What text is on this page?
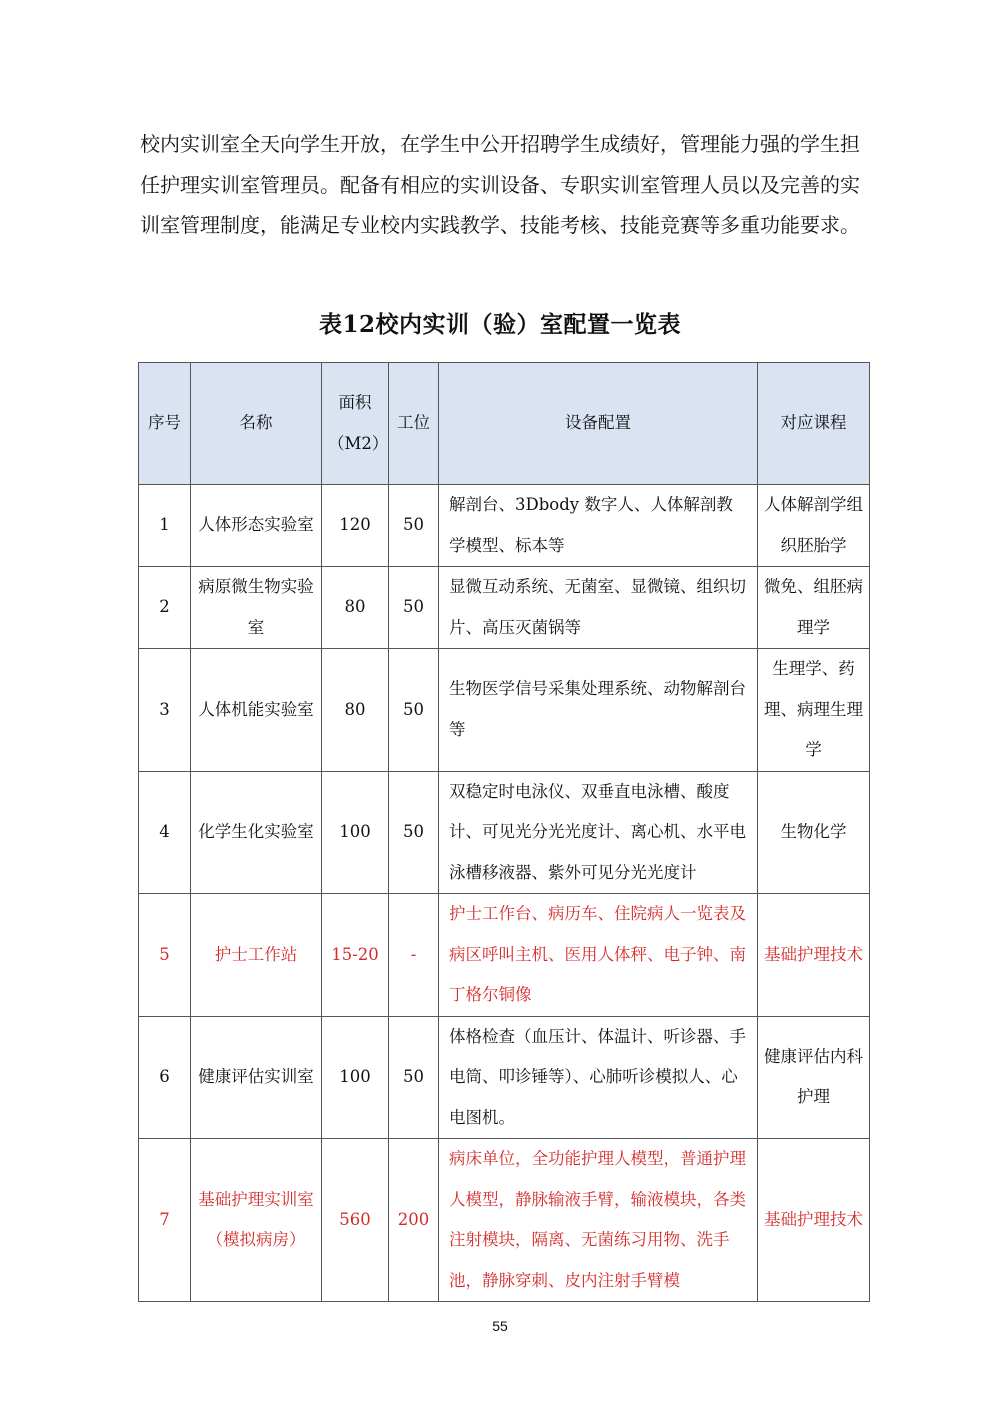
校内实训室全天向学生开放，在学生中公开招聘学生成绩好，管理能力强的学生担任护理实训室管理员。配备有相应的实训设备、专职实训室管理人员以及完善的实训室管理制度，能满足专业校内实践教学、技能考核、技能竞赛等多重功能要求。

表12校内实训（验）室配置一览表
序号	名称	面积（M2）	工位	设备配置	对应课程
1	人体形态实验室	120	50	解剖台、3Dbody 数字人、人体解剖教学模型、标本等	人体解剖学组织胚胎学
2	病原微生物实验室	80	50	显微互动系统、无菌室、显微镜、组织切片、高压灭菌锅等	微免、组胚病理学
3	人体机能实验室	80	50	生物医学信号采集处理系统、动物解剖台等	生理学、药理、病理生理学
4	化学生化实验室	100	50	双稳定时电泳仪、双垂直电泳槽、酸度计、可见光分光光度计、离心机、水平电泳槽移液器、紫外可见分光光度计	生物化学
5	护士工作站	15-20	-	护士工作台、病历车、住院病人一览表及病区呼叫主机、医用人体秤、电子钟、南丁格尔铜像	基础护理技术
6	健康评估实训室	100	50	体格检查（血压计、体温计、听诊器、手电筒、叩诊锤等）、心肺听诊模拟人、心电图机。	健康评估内科护理
7	基础护理实训室（模拟病房）	560	200	病床单位，全功能护理人模型，普通护理人模型，静脉输液手臂，输液模块，各类注射模块，隔离、无菌练习用物、洗手池，静脉穿刺、皮内注射手臂模	基础护理技术
55
